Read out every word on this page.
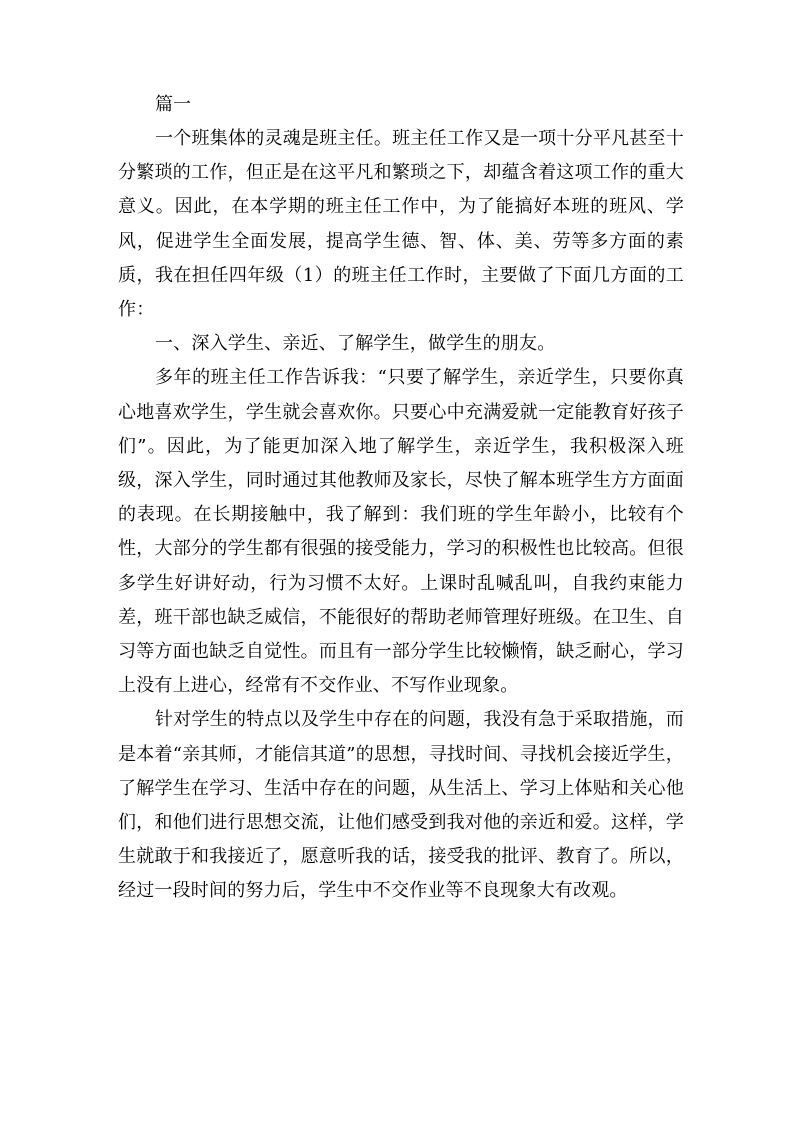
篇一

一个班集体的灵魂是班主任。班主任工作又是一项十分平凡甚至十分繁琐的工作，但正是在这平凡和繁琐之下，却蕴含着这项工作的重大意义。因此，在本学期的班主任工作中，为了能搞好本班的班风、学风，促进学生全面发展，提高学生德、智、体、美、劳等多方面的素质，我在担任四年级（1）的班主任工作时，主要做了下面几方面的工作：

一、深入学生、亲近、了解学生，做学生的朋友。

多年的班主任工作告诉我：“只要了解学生，亲近学生，只要你真心地喜欢学生，学生就会喜欢你。只要心中充满爱就一定能教育好孩子们”。因此，为了能更加深入地了解学生，亲近学生，我积极深入班级，深入学生，同时通过其他教师及家长，尽快了解本班学生方方面面的表现。在长期接触中，我了解到：我们班的学生年龄小，比较有个性，大部分的学生都有很强的接受能力，学习的积极性也比较高。但很多学生好讲好动，行为习惯不太好。上课时乱喊乱叫，自我约束能力差，班干部也缺乏威信，不能很好的帮助老师管理好班级。在卫生、自习等方面也缺乏自觉性。而且有一部分学生比较懒惰，缺乏耐心，学习上没有上进心，经常有不交作业、不写作业现象。

针对学生的特点以及学生中存在的问题，我没有急于采取措施，而是本着“亲其师，才能信其道”的思想，寻找时间、寻找机会接近学生，了解学生在学习、生活中存在的问题，从生活上、学习上体贴和关心他们，和他们进行思想交流，让他们感受到我对他的亲近和爱。这样，学生就敢于和我接近了，愿意听我的话，接受我的批评、教育了。所以，经过一段时间的努力后，学生中不交作业等不良现象大有改观。
